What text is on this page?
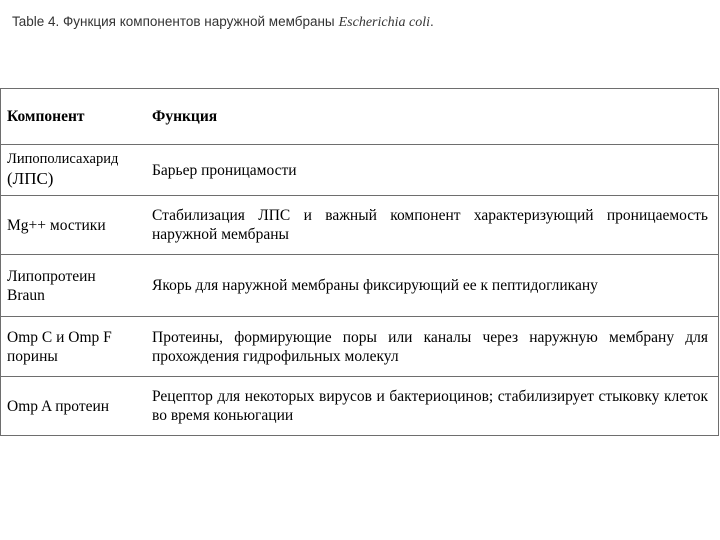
Table 4. Функция компонентов наружной мембраны Escherichia coli.
Компонент	Функция

Липополисахарид
(ЛПС)	Барьер проницамости
Mg++ мостики	Стабилизация ЛПС и важный компонент характеризующий проницаемость наружной мембраны
Липопротеин Braun	Якорь для наружной мембраны фиксирующий ее к пептидогликану
Omp C и Omp F порины	Протеины, формирующие поры или каналы через наружную мембрану для прохождения гидрофильных молекул
Omp A протеин	Рецептор для некоторых вирусов и бактериоцинов; стабилизирует стыковку клеток во время коньюгации
